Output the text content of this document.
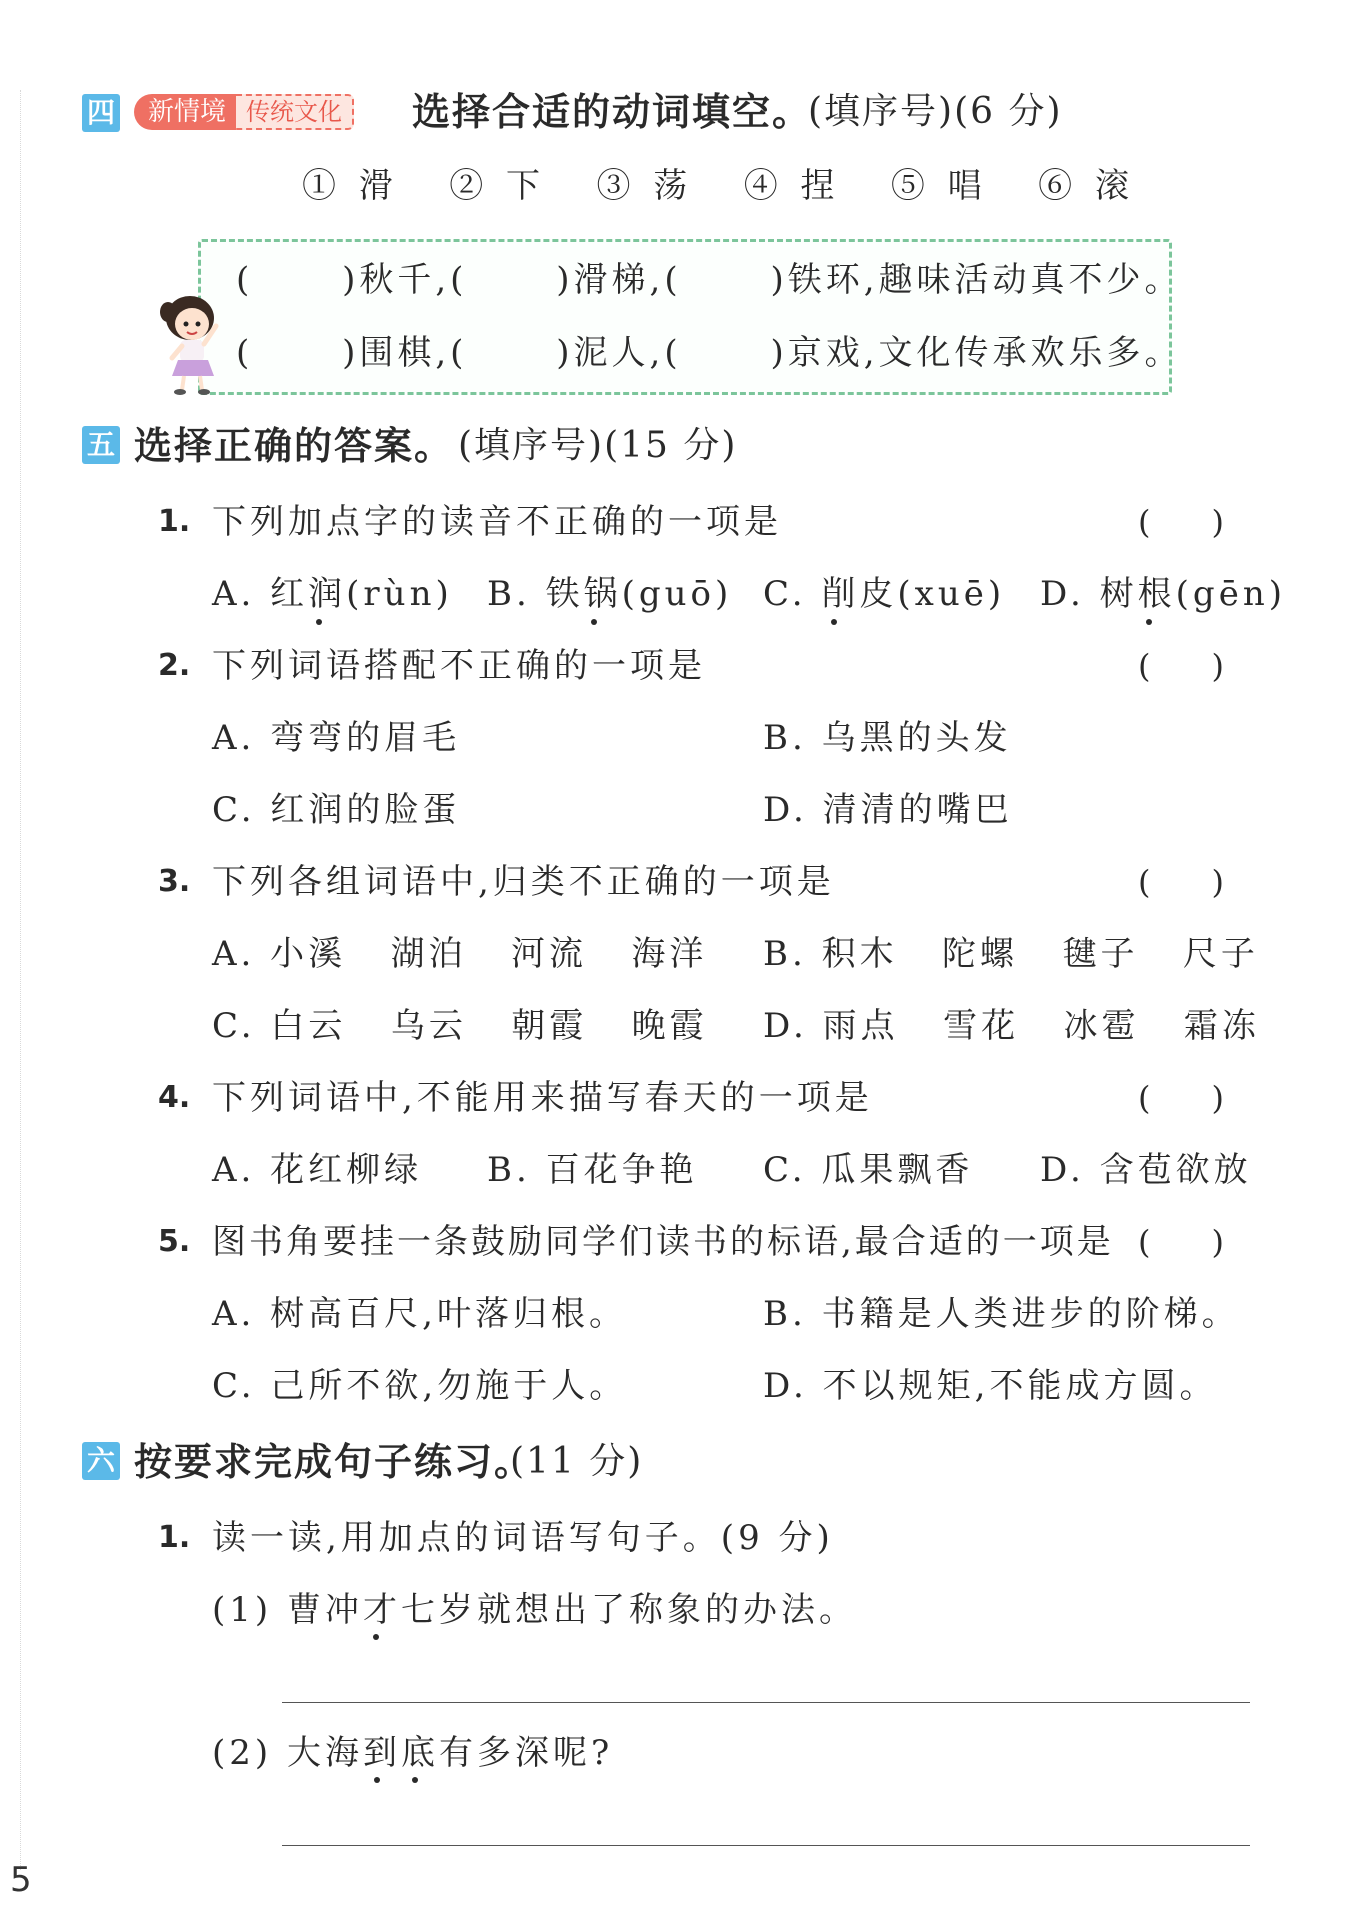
四	新情境 传统文化	选择合适的动词填空。
(填序号)(6 分)
① 滑   ② 下   ③ 荡   ④ 捏   ⑤ 唱   ⑥ 滚
(      )秋千,(      )滑梯,(      )铁环,趣味活动真不少。
(      )围棋,(      )泥人,(      )京戏,文化传承欢乐多。
五 选择正确的答案。 (填序号)(15 分)
1. 下列加点字的读音不正确的一项是	(      )
A. 红润(rùn) B. 铁锅(guō) C. 削皮(xuē) D. 树根(gēn)
2. 下列词语搭配不正确的一项是	(      )
A. 弯弯的眉毛	B. 乌黑的头发
C. 红润的脸蛋	D. 清清的嘴巴
3. 下列各组词语中,归类不正确的一项是	(      )
A. 小溪   湖泊   河流   海洋 B. 积木   陀螺   毽子   尺子
C. 白云   乌云   朝霞   晚霞 D. 雨点   雪花   冰雹   霜冻
4. 下列词语中,不能用来描写春天的一项是	(      )
A. 花红柳绿 B. 百花争艳 C. 瓜果飘香 D. 含苞欲放
5. 图书角要挂一条鼓励同学们读书的标语,最合适的一项是 (      )
A. 树高百尺,叶落归根。	B. 书籍是人类进步的阶梯。
C. 己所不欲,勿施于人。	D. 不以规矩,不能成方圆。
六 按要求完成句子练习。
(11 分)
1. 读一读,用加点的词语写句子。(9 分)
(1) 曹冲才七岁就想出了称象的办法。
(2) 大海到底有多深呢?
5
